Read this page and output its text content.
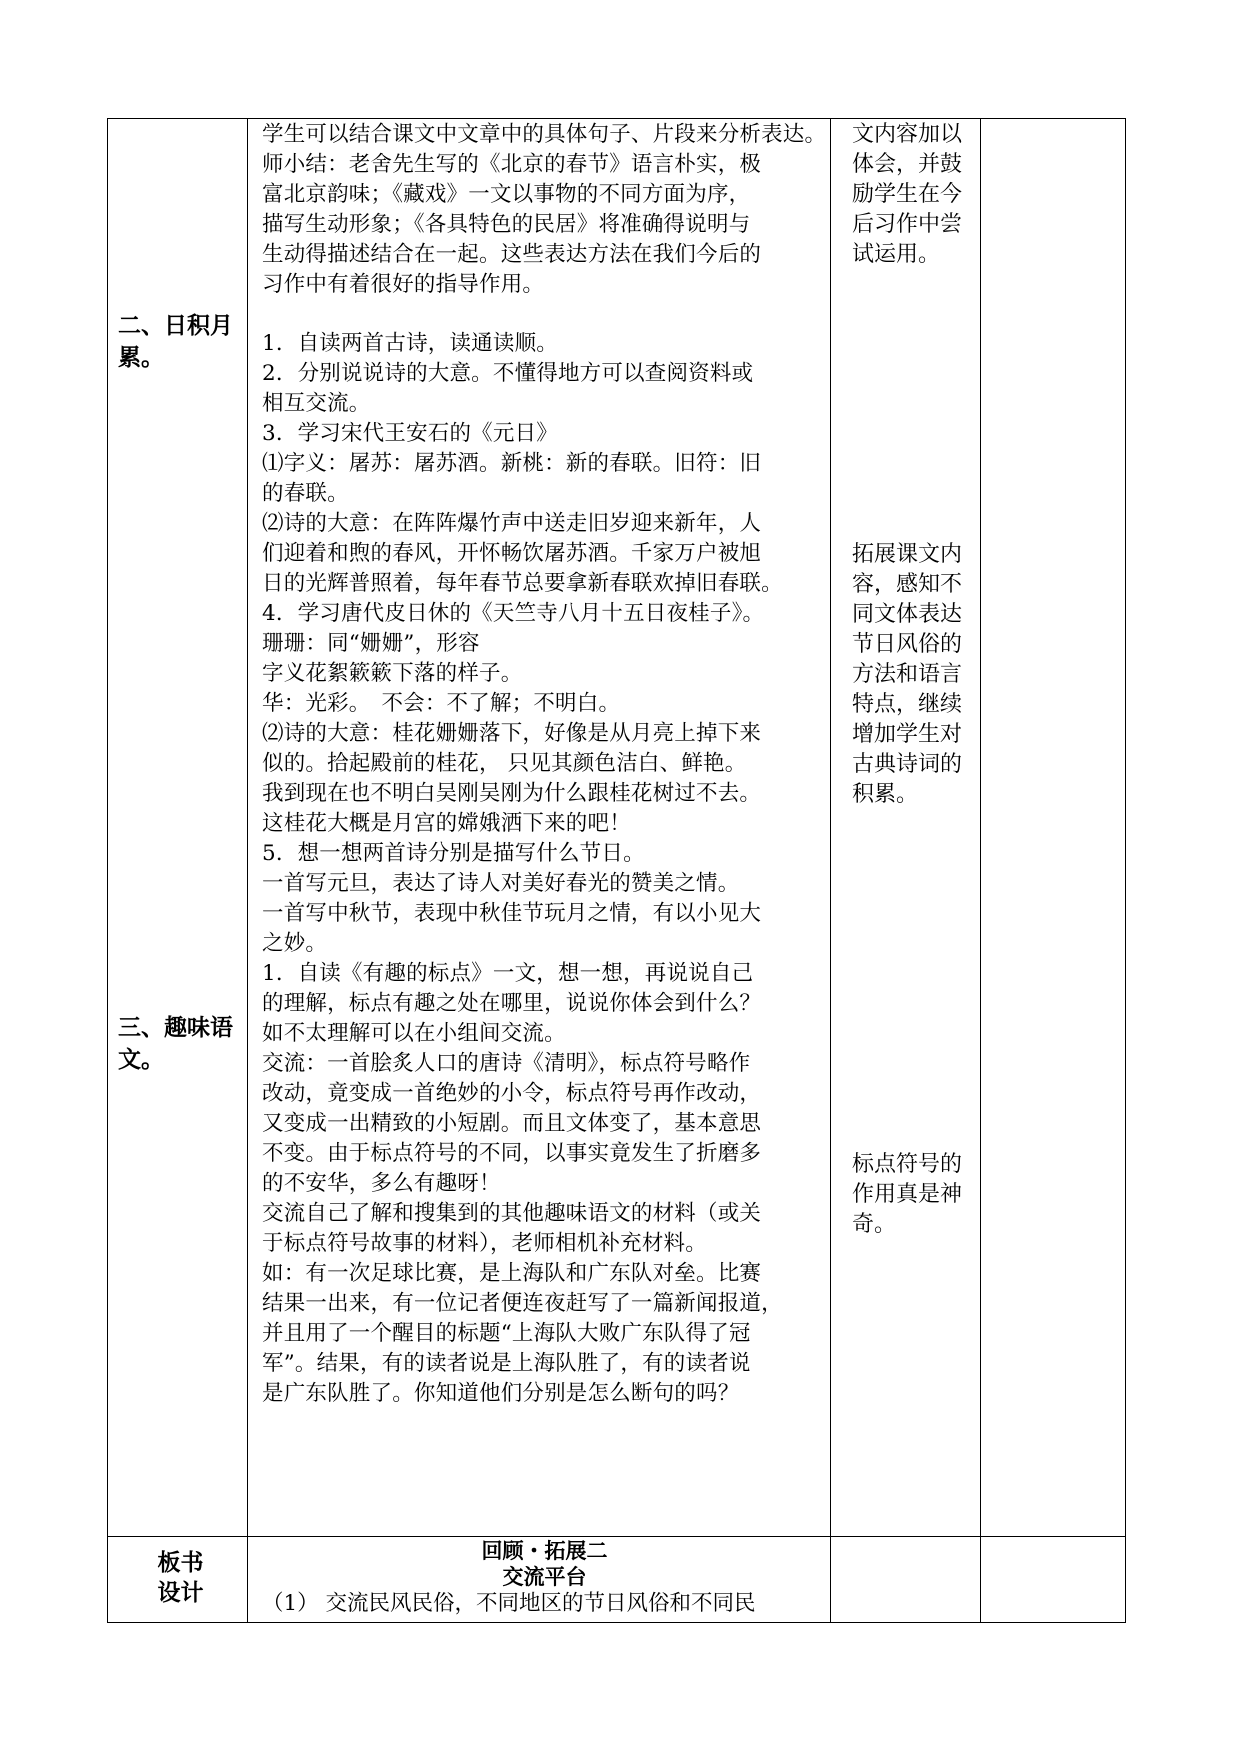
二、日积月累。
三、趣味语文。

学生可以结合课文中文章中的具体句子、片段来分析表达。

师小结：老舍先生写的《北京的春节》语言朴实，极

富北京韵味；《藏戏》一文以事物的不同方面为序，

描写生动形象；《各具特色的民居》将准确得说明与

生动得描述结合在一起。这些表达方法在我们今后的

习作中有着很好的指导作用。

1．自读两首古诗，读通读顺。

2．分别说说诗的大意。不懂得地方可以查阅资料或

相互交流。

3．学习宋代王安石的《元日》

⑴字义：屠苏：屠苏酒。新桃：新的春联。旧符：旧

的春联。

⑵诗的大意：在阵阵爆竹声中送走旧岁迎来新年，人

们迎着和煦的春风，开怀畅饮屠苏酒。千家万户被旭

日的光辉普照着，每年春节总要拿新春联欢掉旧春联。

4．学习唐代皮日休的《天竺寺八月十五日夜桂子》。

珊珊：同“姗姗”，形容

字义花絮簌簌下落的样子。

华：光彩。　不会：不了解；不明白。

⑵诗的大意：桂花姗姗落下，好像是从月亮上掉下来

似的。拾起殿前的桂花， 只见其颜色洁白、鲜艳。

我到现在也不明白吴刚吴刚为什么跟桂花树过不去。

这桂花大概是月宫的嫦娥洒下来的吧！

5．想一想两首诗分别是描写什么节日。

一首写元旦，表达了诗人对美好春光的赞美之情。

一首写中秋节，表现中秋佳节玩月之情，有以小见大

之妙。

1．自读《有趣的标点》一文，想一想，再说说自己

的理解，标点有趣之处在哪里，说说你体会到什么？

如不太理解可以在小组间交流。

交流：一首脍炙人口的唐诗《清明》，标点符号略作

改动，竟变成一首绝妙的小令，标点符号再作改动，

又变成一出精致的小短剧。而且文体变了，基本意思

不变。由于标点符号的不同，以事实竟发生了折磨多

的不安华，多么有趣呀！

交流自己了解和搜集到的其他趣味语文的材料（或关

于标点符号故事的材料），老师相机补充材料。

如：有一次足球比赛，是上海队和广东队对垒。比赛

结果一出来，有一位记者便连夜赶写了一篇新闻报道，

并且用了一个醒目的标题“上海队大败广东队得了冠

军”。结果，有的读者说是上海队胜了，有的读者说

是广东队胜了。你知道他们分别是怎么断句的吗？

文内容加以

体会，并鼓

励学生在今

后习作中尝

试运用。

拓展课文内

容，感知不

同文体表达

节日风俗的

方法和语言

特点，继续

增加学生对

古典诗词的

积累。

标点符号的

作用真是神

奇。

板书设计
回顾・拓展二
交流平台
（1） 交流民风民俗，不同地区的节日风俗和不同民
